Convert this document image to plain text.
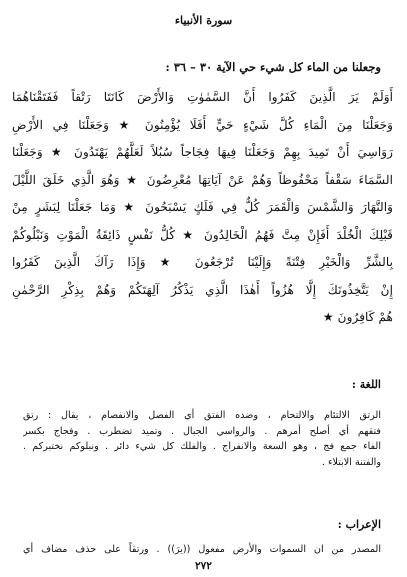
سورة الأنبياء
وجعلنا من الماء كل شيء حي الآية ٣٠ – ٣٦ :
أَوَلَمْ يَرَ الَّذِينَ كَفَرُوا أَنَّ السَّمٰوٰتِ وَالأَرْضَ كَانَتَا رَتْقاً فَفَتَقْنَاهُمَا
وَجَعَلْنَا مِنَ الْمَاءِ كُلَّ شَيْءٍ حَيٍّ أَفَلَا يُؤْمِنُونَ ★ وَجَعَلْنَا فِي الأَرْضِ
رَوَاسِيَ أَنْ تَمِيدَ بِهِمْ وَجَعَلْنَا فِيهَا فِجَاجاً سُبُلاً لَعَلَّهُمْ يَهْتَدُونَ ★ وَجَعَلْنَا
السَّمَاءَ سَقْفاً مَحْفُوظاً وَهُمْ عَنْ آيَاتِهَا مُعْرِضُونَ ★ وَهُوَ الَّذِي خَلَقَ اللَّيْلَ
وَالنَّهَارَ وَالشَّمْسَ وَالْقَمَرَ كُلٌّ فِي فَلَكٍ يَسْبَحُونَ ★ وَمَا جَعَلْنَا لِبَشَرٍ مِنْ
قَبْلِكَ الْخُلْدَ أَفَإِنْ مِتَّ فَهُمُ الْخَالِدُونَ ★ كُلُّ نَفْسٍ ذَائِقَةُ الْمَوْتِ وَنَبْلُوكُمْ
بِالشَّرِّ وَالْخَيْرِ فِتْنَةً وَإِلَيْنَا تُرْجَعُونَ ★ وَإِذَا رَآكَ الَّذِينَ كَفَرُوا
إِنْ يَتَّخِذُونَكَ إِلَّا هُزُواً أَهٰذَا الَّذِي يَذْكُرُ آلِهَتَكُمْ وَهُمْ بِذِكْرِ الرَّحْمٰنِ
هُمْ كَافِرُونَ ★
اللغة :
الرتق الالتئام والالتحام ، وضده الفتق أي الفصل والانفصام ، يقال : رتق
فتقهم أي أصلح أمرهم . والرواسي الجبال . وتميد تضطرب . وفجاج بكسر
الفاء جمع فج ، وهو السعة والانفراج . والفلك كل شيء دائر . ونبلوكم نختبركم .
والفتنة الابتلاء .
الإعراب :
المصدر من ان السموات والأرض مفعول ((يرَ)) . ورتقاً على حذف مضاف أي
٢٧٢
